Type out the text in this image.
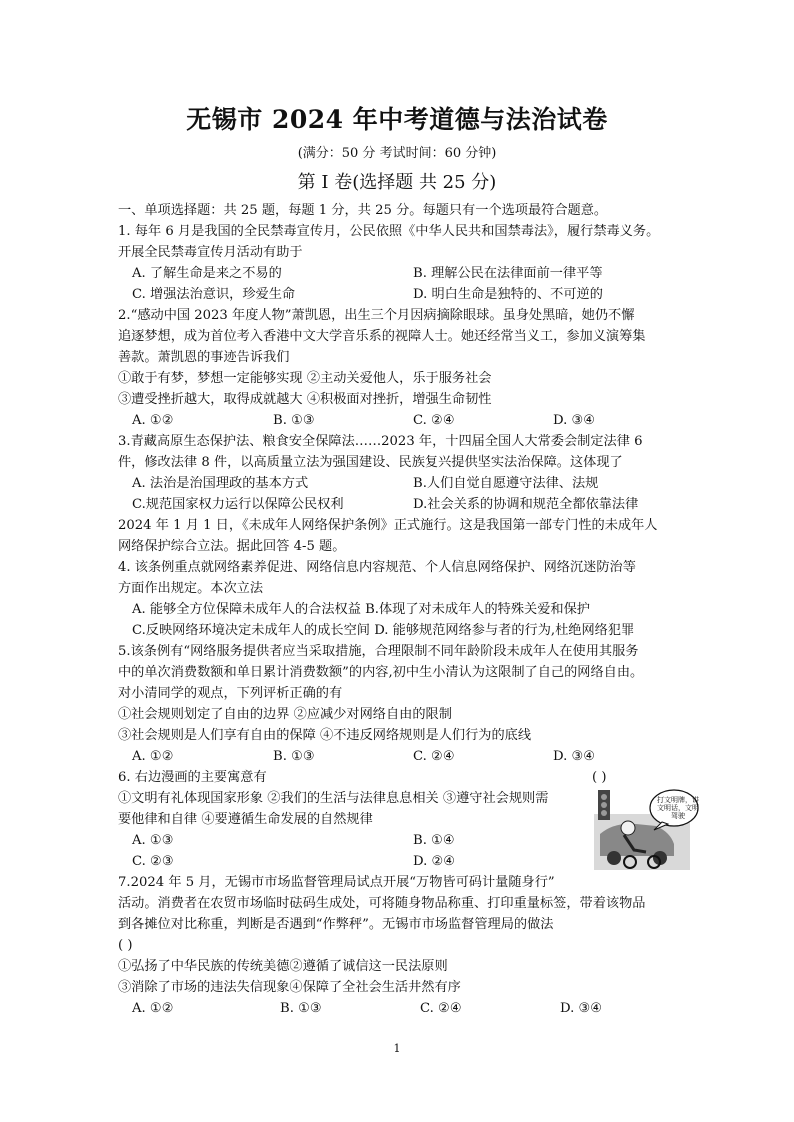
无锡市 2024 年中考道德与法治试卷
(满分：50 分 考试时间：60 分钟)
第 I 卷(选择题 共 25 分)
一、单项选择题：共 25 题，每题 1 分，共 25 分。每题只有一个选项最符合题意。
1. 每年 6 月是我国的全民禁毒宣传月，公民依照《中华人民共和国禁毒法》，履行禁毒义务。
开展全民禁毒宣传月活动有助于
A. 了解生命是来之不易的	B. 理解公民在法律面前一律平等
C. 增强法治意识，珍爱生命	D. 明白生命是独特的、不可逆的
2.“感动中国 2023 年度人物”萧凯恩，出生三个月因病摘除眼球。虽身处黑暗，她仍不懈
追逐梦想，成为首位考入香港中文大学音乐系的视障人士。她还经常当义工，参加义演筹集
善款。萧凯恩的事迹告诉我们
①敢于有梦，梦想一定能够实现 ②主动关爱他人，乐于服务社会
③遭受挫折越大，取得成就越大 ④积极面对挫折，增强生命韧性
A. ①②	B. ①③	C. ②④	D. ③④
3.青藏高原生态保护法、粮食安全保障法……2023 年，十四届全国人大常委会制定法律 6
件，修改法律 8 件，以高质量立法为强国建设、民族复兴提供坚实法治保障。这体现了
A. 法治是治国理政的基本方式	B.人们自觉自愿遵守法律、法规
C.规范国家权力运行以保障公民权利	D.社会关系的协调和规范全都依靠法律
2024 年 1 月 1 日，《未成年人网络保护条例》正式施行。这是我国第一部专门性的未成年人
网络保护综合立法。据此回答 4-5 题。
4. 该条例重点就网络素养促进、网络信息内容规范、个人信息网络保护、网络沉迷防治等
方面作出规定。本次立法
A. 能够全方位保障未成年人的合法权益 B.体现了对未成年人的特殊关爱和保护
C.反映网络环境决定未成年人的成长空间 D. 能够规范网络参与者的行为,杜绝网络犯罪
5.该条例有“网络服务提供者应当采取措施，合理限制不同年龄阶段未成年人在使用其服务
中的单次消费数额和单日累计消费数额”的内容,初中生小清认为这限制了自己的网络自由。
对小清同学的观点，下列评析正确的有
①社会规则划定了自由的边界 ②应减少对网络自由的限制
③社会规则是人们享有自由的保障 ④不违反网络规则是人们行为的底线
A. ①②	B. ①③	C. ②④	D. ③④
6. 右边漫画的主要寓意有	( )
①文明有礼体现国家形象 ②我们的生活与法律息息相关 ③遵守社会规则需
要他律和自律 ④要遵循生命发展的自然规律
A. ①③	B. ①④
C. ②③	D. ②④
打文明牌，讲文明话，文明驾驶
7.2024 年 5 月，无锡市市场监督管理局试点开展“万物皆可码计量随身行”
活动。消费者在农贸市场临时砝码生成处，可将随身物品称重、打印重量标签，带着该物品
到各摊位对比称重，判断是否遇到“作弊秤”。无锡市市场监督管理局的做法
( )
①弘扬了中华民族的传统美德②遵循了诚信这一民法原则
③消除了市场的违法失信现象④保障了全社会生活井然有序
A. ①②	B. ①③	C. ②④	D. ③④
1
